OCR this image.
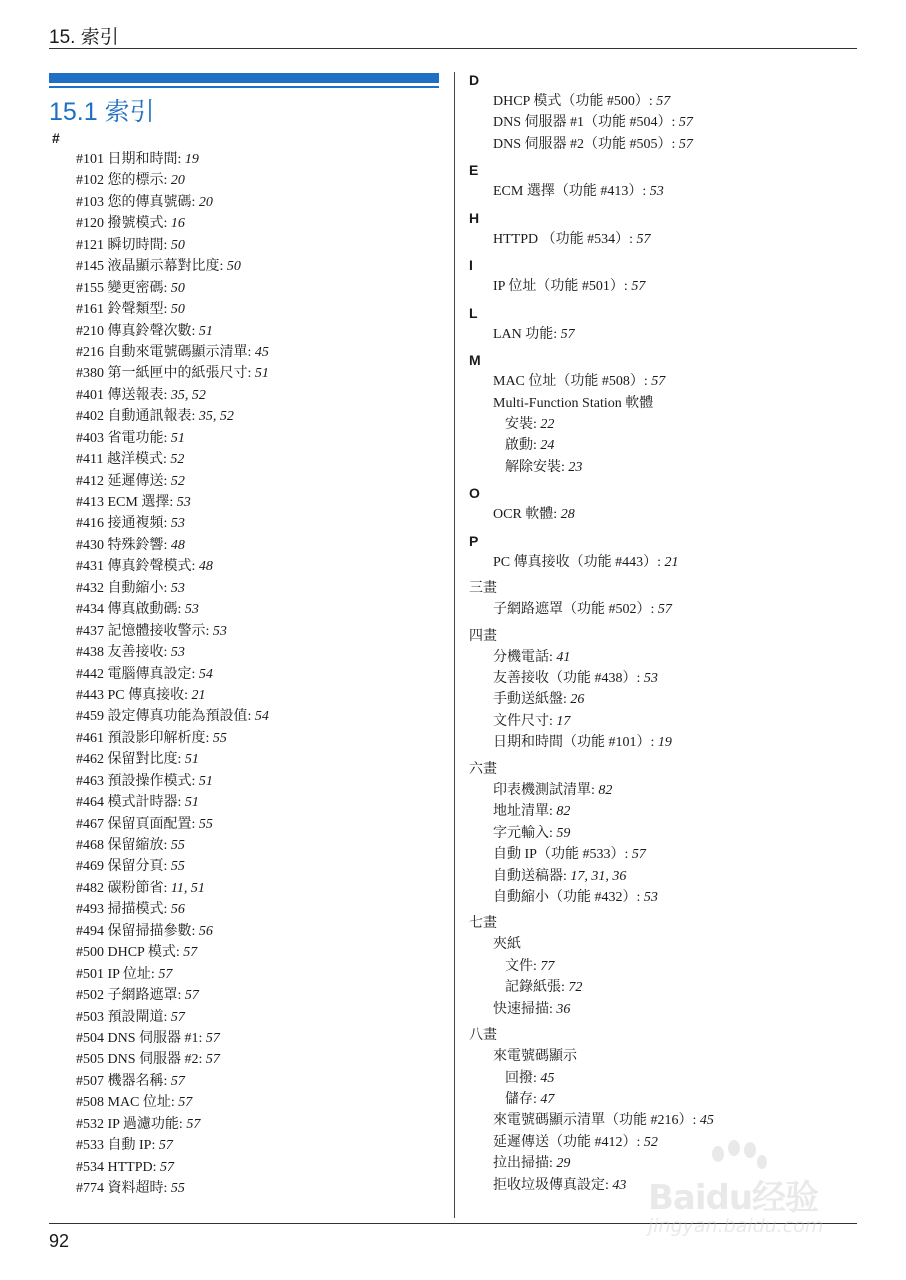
15. 索引
15.1 索引
#
#101 日期和時間: 19
#102 您的標示: 20
#103 您的傳真號碼: 20
#120 撥號模式: 16
#121 瞬切時間: 50
#145 液晶顯示幕對比度: 50
#155 變更密碼: 50
#161 鈴聲類型: 50
#210 傳真鈴聲次數: 51
#216 自動來電號碼顯示清單: 45
#380 第一紙匣中的紙張尺寸: 51
#401 傳送報表: 35, 52
#402 自動通訊報表: 35, 52
#403 省電功能: 51
#411 越洋模式: 52
#412 延遲傳送: 52
#413 ECM 選擇: 53
#416 接通複頻: 53
#430 特殊鈴響: 48
#431 傳真鈴聲模式: 48
#432 自動縮小: 53
#434 傳真啟動碼: 53
#437 記憶體接收警示: 53
#438 友善接收: 53
#442 電腦傳真設定: 54
#443 PC 傳真接收: 21
#459 設定傳真功能為預設值: 54
#461 預設影印解析度: 55
#462 保留對比度: 51
#463 預設操作模式: 51
#464 模式計時器: 51
#467 保留頁面配置: 55
#468 保留縮放: 55
#469 保留分頁: 55
#482 碳粉節省: 11, 51
#493 掃描模式: 56
#494 保留掃描參數: 56
#500 DHCP 模式: 57
#501 IP 位址: 57
#502 子網路遮罩: 57
#503 預設閘道: 57
#504 DNS 伺服器 #1: 57
#505 DNS 伺服器 #2: 57
#507 機器名稱: 57
#508 MAC 位址: 57
#532 IP 過濾功能: 57
#533 自動 IP: 57
#534 HTTPD: 57
#774 資料超時: 55
D
DHCP 模式（功能 #500）: 57
DNS 伺服器 #1（功能 #504）: 57
DNS 伺服器 #2（功能 #505）: 57
E
ECM 選擇（功能 #413）: 53
H
HTTPD （功能 #534）: 57
I
IP 位址（功能 #501）: 57
L
LAN 功能: 57
M
MAC 位址（功能 #508）: 57
Multi-Function Station 軟體
安裝: 22
啟動: 24
解除安裝: 23
O
OCR 軟體: 28
P
PC 傳真接收（功能 #443）: 21
三畫
子網路遮罩（功能 #502）: 57
四畫
分機電話: 41
友善接收（功能 #438）: 53
手動送紙盤: 26
文件尺寸: 17
日期和時間（功能 #101）: 19
六畫
印表機測試清單: 82
地址清單: 82
字元輸入: 59
自動 IP（功能 #533）: 57
自動送稿器: 17, 31, 36
自動縮小（功能 #432）: 53
七畫
夾紙
文件: 77
記錄紙張: 72
快速掃描: 36
八畫
來電號碼顯示
回撥: 45
儲存: 47
來電號碼顯示清單（功能 #216）: 45
延遲傳送（功能 #412）: 52
拉出掃描: 29
拒收垃圾傳真設定: 43
92
Baidu经验
jingyan.baidu.com
